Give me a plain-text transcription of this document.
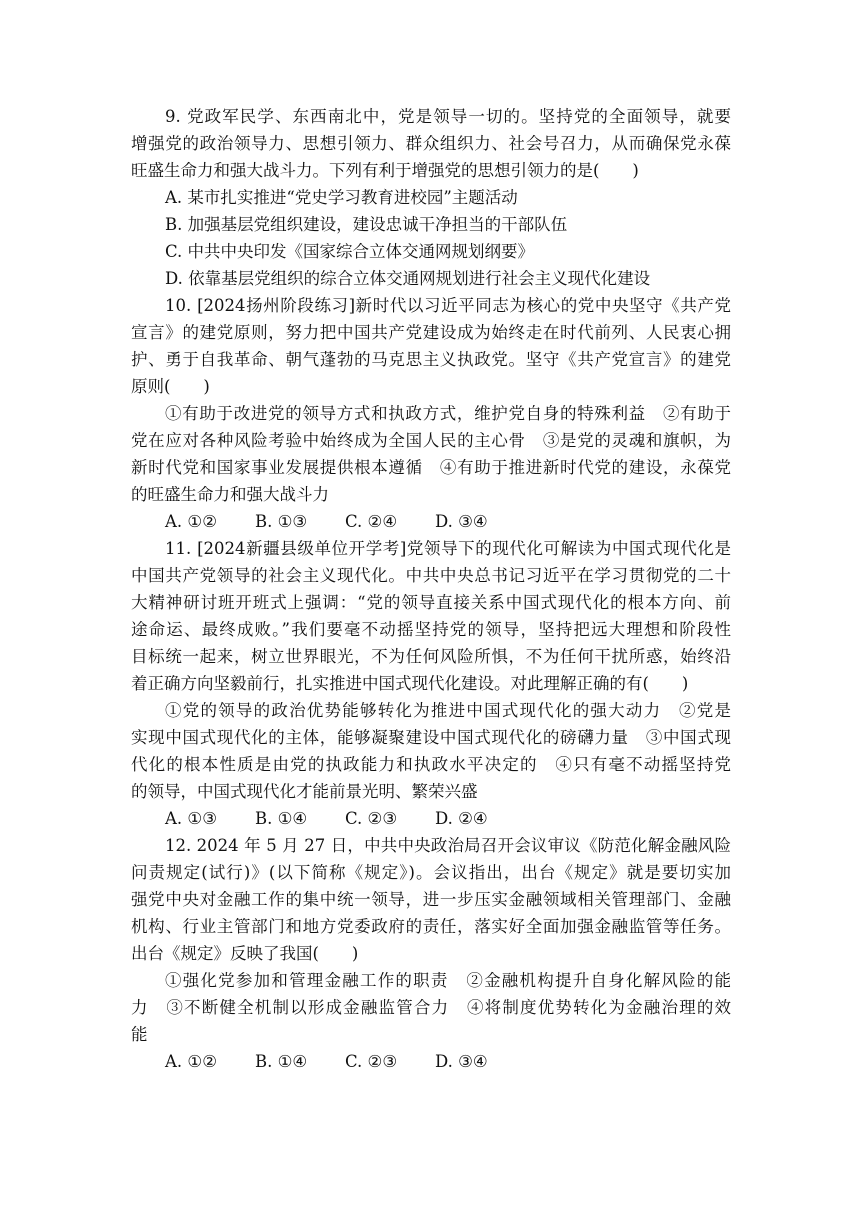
9. 党政军民学、东西南北中，党是领导一切的。坚持党的全面领导，就要
增强党的政治领导力、思想引领力、群众组织力、社会号召力，从而确保党永葆
旺盛生命力和强大战斗力。下列有利于增强党的思想引领力的是(　　)
A. 某市扎实推进“党史学习教育进校园”主题活动
B. 加强基层党组织建设，建设忠诚干净担当的干部队伍
C. 中共中央印发《国家综合立体交通网规划纲要》
D. 依靠基层党组织的综合立体交通网规划进行社会主义现代化建设
10. [2024扬州阶段练习]新时代以习近平同志为核心的党中央坚守《共产党
宣言》的建党原则，努力把中国共产党建设成为始终走在时代前列、人民衷心拥
护、勇于自我革命、朝气蓬勃的马克思主义执政党。坚守《共产党宣言》的建党
原则(　　)
①有助于改进党的领导方式和执政方式，维护党自身的特殊利益　②有助于
党在应对各种风险考验中始终成为全国人民的主心骨　③是党的灵魂和旗帜，为
新时代党和国家事业发展提供根本遵循　④有助于推进新时代党的建设，永葆党
的旺盛生命力和强大战斗力
A. ①② B. ①③ C. ②④ D. ③④
11. [2024新疆县级单位开学考]党领导下的现代化可解读为中国式现代化是
中国共产党领导的社会主义现代化。中共中央总书记习近平在学习贯彻党的二十
大精神研讨班开班式上强调：“党的领导直接关系中国式现代化的根本方向、前
途命运、最终成败。”我们要毫不动摇坚持党的领导，坚持把远大理想和阶段性
目标统一起来，树立世界眼光，不为任何风险所惧，不为任何干扰所惑，始终沿
着正确方向坚毅前行，扎实推进中国式现代化建设。对此理解正确的有(　　)
①党的领导的政治优势能够转化为推进中国式现代化的强大动力　②党是
实现中国式现代化的主体，能够凝聚建设中国式现代化的磅礴力量　③中国式现
代化的根本性质是由党的执政能力和执政水平决定的　④只有毫不动摇坚持党
的领导，中国式现代化才能前景光明、繁荣兴盛
A. ①③ B. ①④ C. ②③ D. ②④
12. 2024 年 5 月 27 日，中共中央政治局召开会议审议《防范化解金融风险
问责规定(试行)》(以下简称《规定》)。会议指出，出台《规定》就是要切实加
强党中央对金融工作的集中统一领导，进一步压实金融领域相关管理部门、金融
机构、行业主管部门和地方党委政府的责任，落实好全面加强金融监管等任务。
出台《规定》反映了我国(　　)
①强化党参加和管理金融工作的职责　②金融机构提升自身化解风险的能
力　③不断健全机制以形成金融监管合力　④将制度优势转化为金融治理的效
能
A. ①② B. ①④ C. ②③ D. ③④
